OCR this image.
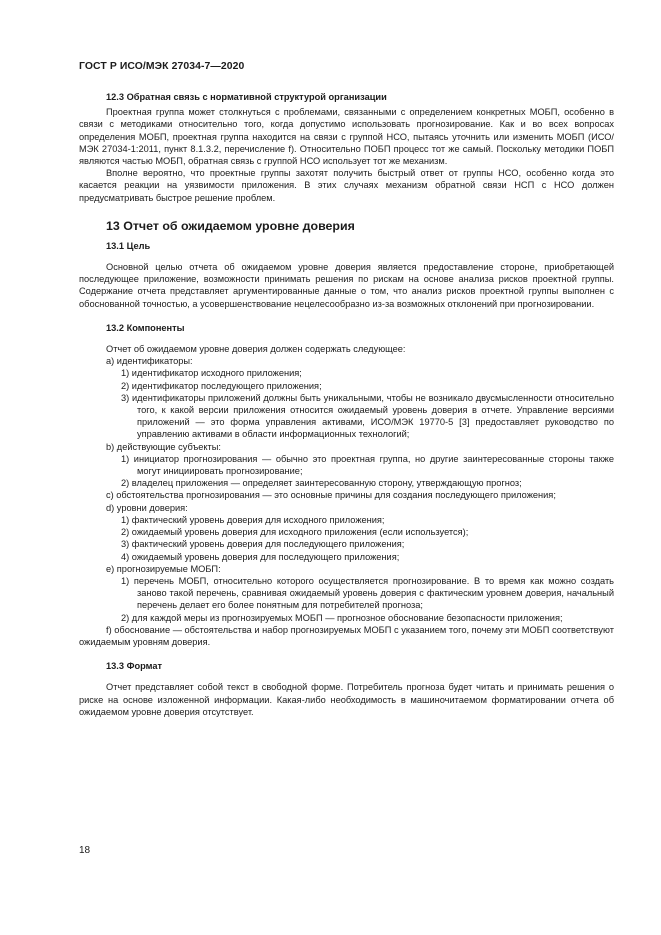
ГОСТ Р ИСО/МЭК 27034-7—2020
12.3 Обратная связь с нормативной структурой организации

Проектная группа может столкнуться с проблемами, связанными с определением конкретных МОБП, особенно в связи с методиками относительно того, когда допустимо использовать прогнозирование. Как и во всех вопросах определения МОБП, проектная группа находится на связи с группой НСО, пытаясь уточнить или изменить МОБП (ИСО/МЭК 27034-1:2011, пункт 8.1.3.2, перечисление f). Относительно ПОБП процесс тот же самый. Поскольку методики ПОБП являются частью МОБП, обратная связь с группой НСО использует тот же механизм.

Вполне вероятно, что проектные группы захотят получить быстрый ответ от группы НСО, особенно когда это касается реакции на уязвимости приложения. В этих случаях механизм обратной связи НСП с НСО должен предусматривать быстрое решение проблем.

13 Отчет об ожидаемом уровне доверия
13.1 Цель

Основной целью отчета об ожидаемом уровне доверия является предоставление стороне, приобретающей последующее приложение, возможности принимать решения по рискам на основе анализа рисков проектной группы. Содержание отчета представляет аргументированные данные о том, что анализ рисков проектной группы выполнен с обоснованной точностью, а усовершенствование нецелесообразно из-за возможных отклонений при прогнозировании.

13.2 Компоненты

Отчет об ожидаемом уровне доверия должен содержать следующее:

а) идентификаторы:

1) идентификатор исходного приложения;

2) идентификатор последующего приложения;

3) идентификаторы приложений должны быть уникальными, чтобы не возникало двусмысленности относительно того, к какой версии приложения относится ожидаемый уровень доверия в отчете. Управление версиями приложений — это форма управления активами, ИСО/МЭК 19770-5 [3] предоставляет руководство по управлению активами в области информационных технологий;

b) действующие субъекты:

1) инициатор прогнозирования — обычно это проектная группа, но другие заинтересованные стороны также могут инициировать прогнозирование;

2) владелец приложения — определяет заинтересованную сторону, утверждающую прогноз;

с) обстоятельства прогнозирования — это основные причины для создания последующего приложения;

d) уровни доверия:

1) фактический уровень доверия для исходного приложения;

2) ожидаемый уровень доверия для исходного приложения (если используется);

3) фактический уровень доверия для последующего приложения;

4) ожидаемый уровень доверия для последующего приложения;

е) прогнозируемые МОБП:

1) перечень МОБП, относительно которого осуществляется прогнозирование. В то время как можно создать заново такой перечень, сравнивая ожидаемый уровень доверия с фактическим уровнем доверия, начальный перечень делает его более понятным для потребителей прогноза;

2) для каждой меры из прогнозируемых МОБП — прогнозное обоснование безопасности приложения;

f) обоснование — обстоятельства и набор прогнозируемых МОБП с указанием того, почему эти МОБП соответствуют ожидаемым уровням доверия.

13.3 Формат

Отчет представляет собой текст в свободной форме. Потребитель прогноза будет читать и принимать решения о риске на основе изложенной информации. Какая-либо необходимость в машиночитаемом форматировании отчета об ожидаемом уровне доверия отсутствует.

18
